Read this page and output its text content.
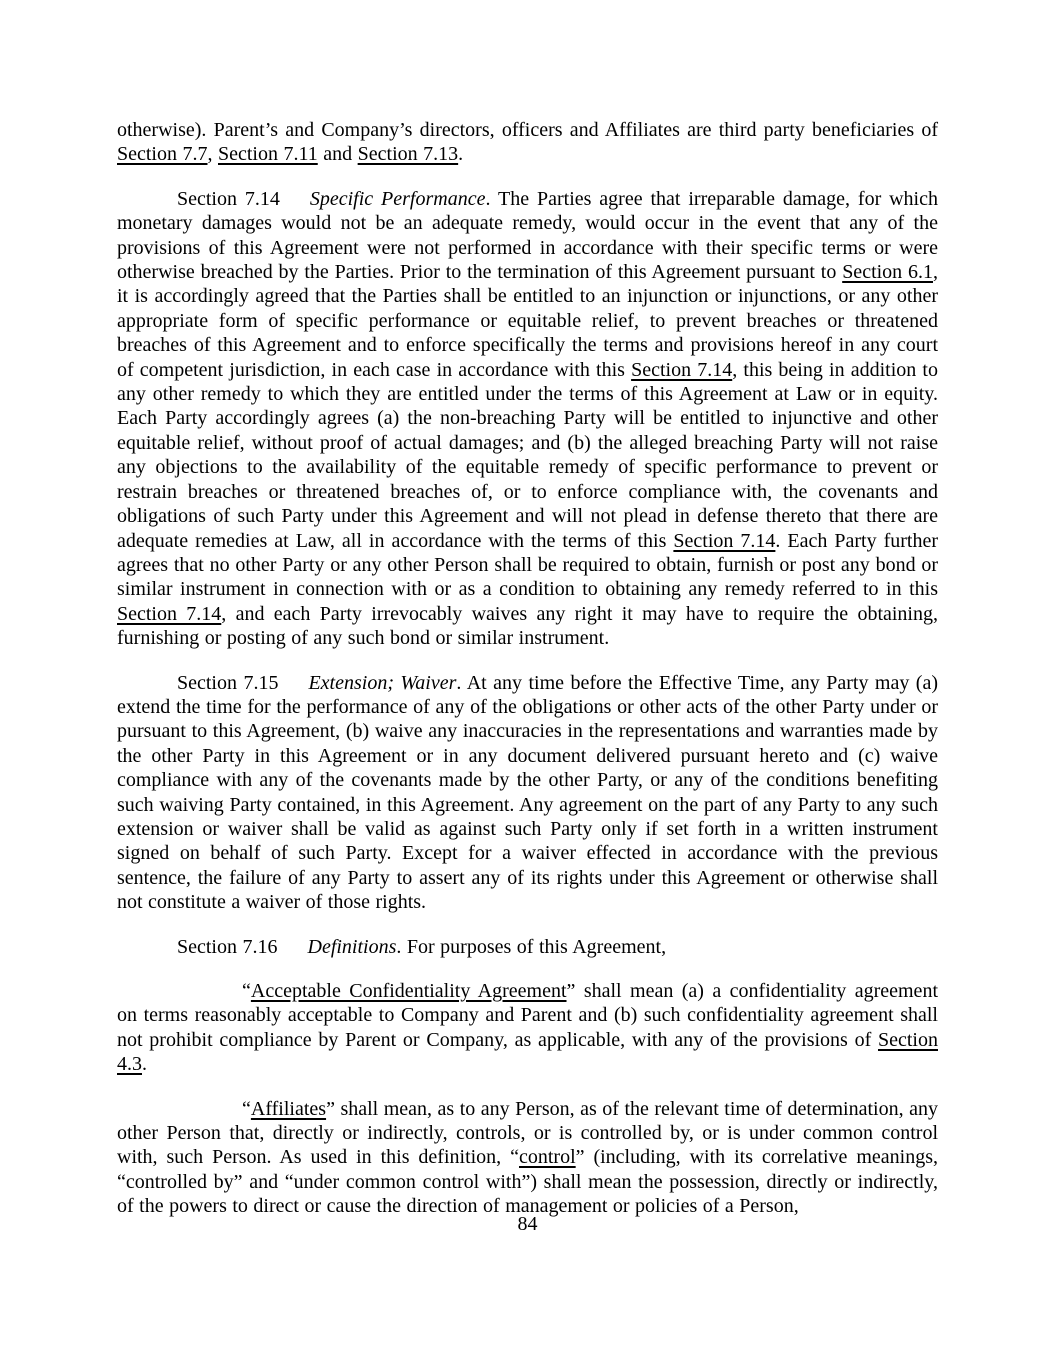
otherwise). Parent’s and Company’s directors, officers and Affiliates are third party beneficiaries of Section 7.7, Section 7.11 and Section 7.13.

Section 7.14 Specific Performance. The Parties agree that irreparable damage, for which monetary damages would not be an adequate remedy, would occur in the event that any of the provisions of this Agreement were not performed in accordance with their specific terms or were otherwise breached by the Parties. Prior to the termination of this Agreement pursuant to Section 6.1, it is accordingly agreed that the Parties shall be entitled to an injunction or injunctions, or any other appropriate form of specific performance or equitable relief, to prevent breaches or threatened breaches of this Agreement and to enforce specifically the terms and provisions hereof in any court of competent jurisdiction, in each case in accordance with this Section 7.14, this being in addition to any other remedy to which they are entitled under the terms of this Agreement at Law or in equity. Each Party accordingly agrees (a) the non-breaching Party will be entitled to injunctive and other equitable relief, without proof of actual damages; and (b) the alleged breaching Party will not raise any objections to the availability of the equitable remedy of specific performance to prevent or restrain breaches or threatened breaches of, or to enforce compliance with, the covenants and obligations of such Party under this Agreement and will not plead in defense thereto that there are adequate remedies at Law, all in accordance with the terms of this Section 7.14. Each Party further agrees that no other Party or any other Person shall be required to obtain, furnish or post any bond or similar instrument in connection with or as a condition to obtaining any remedy referred to in this Section 7.14, and each Party irrevocably waives any right it may have to require the obtaining, furnishing or posting of any such bond or similar instrument.

Section 7.15 Extension; Waiver. At any time before the Effective Time, any Party may (a) extend the time for the performance of any of the obligations or other acts of the other Party under or pursuant to this Agreement, (b) waive any inaccuracies in the representations and warranties made by the other Party in this Agreement or in any document delivered pursuant hereto and (c) waive compliance with any of the covenants made by the other Party, or any of the conditions benefiting such waiving Party contained, in this Agreement. Any agreement on the part of any Party to any such extension or waiver shall be valid as against such Party only if set forth in a written instrument signed on behalf of such Party. Except for a waiver effected in accordance with the previous sentence, the failure of any Party to assert any of its rights under this Agreement or otherwise shall not constitute a waiver of those rights.

Section 7.16 Definitions. For purposes of this Agreement,

“Acceptable Confidentiality Agreement” shall mean (a) a confidentiality agreement on terms reasonably acceptable to Company and Parent and (b) such confidentiality agreement shall not prohibit compliance by Parent or Company, as applicable, with any of the provisions of Section 4.3.

“Affiliates” shall mean, as to any Person, as of the relevant time of determination, any other Person that, directly or indirectly, controls, or is controlled by, or is under common control with, such Person. As used in this definition, “control” (including, with its correlative meanings, “controlled by” and “under common control with”) shall mean the possession, directly or indirectly, of the powers to direct or cause the direction of management or policies of a Person,

84
